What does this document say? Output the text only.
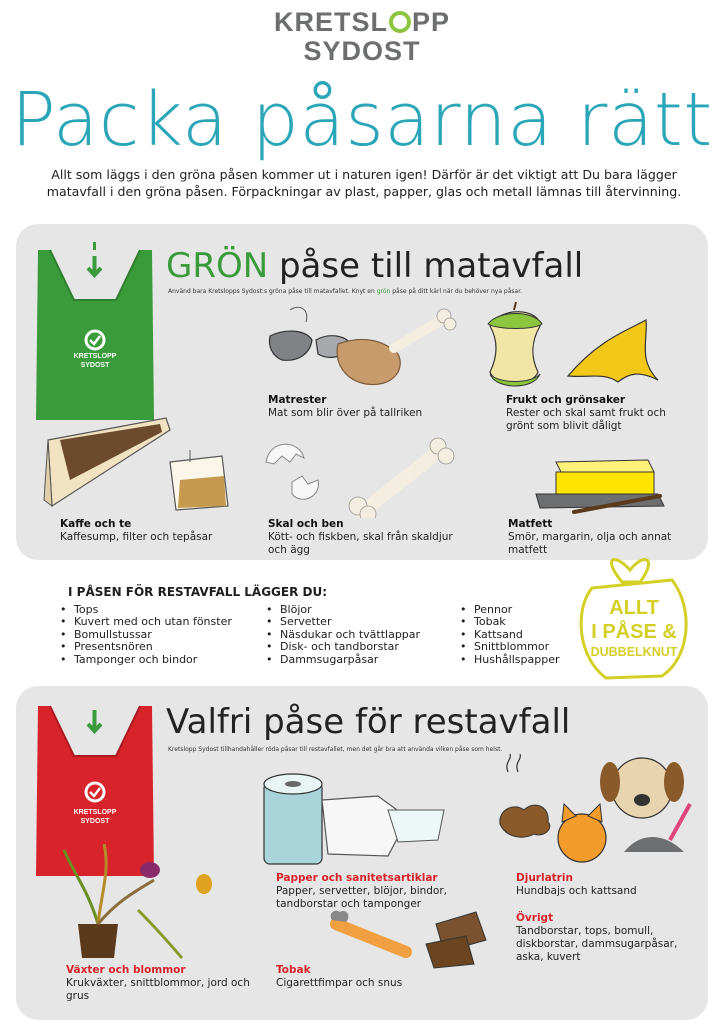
KRETSL PP
SYDOST
Packa påsarna rätt

Allt som läggs i den gröna påsen kommer ut i naturen igen! Därför är det viktigt att Du bara lägger matavfall i den gröna påsen. Förpackningar av plast, papper, glas och metall lämnas till återvinning.

KRETSLOPP
SYDOST
GRÖN påse till matavfall
Använd bara Kretslopps Sydost:s gröna påse till matavfallet. Knyt en grön påse på ditt kärl när du behöver nya påsar.
Matrester
Mat som blir över på tallriken
Frukt och grönsaker
Rester och skal samt frukt och grönt som blivit dåligt
Kaffe och te
Kaffesump, filter och tepåsar
Skal och ben
Kött- och fiskben, skal från skaldjur och ägg
Matfett
Smör, margarin, olja och annat matfett
I PÅSEN FÖR RESTAVFALL LÄGGER DU:
• Tops
• Kuvert med och utan fönster
• Bomullstussar
• Presentsnören
• Tamponger och bindor
• Blöjor
• Servetter
• Näsdukar och tvättlappar
• Disk- och tandborstar
• Dammsugarpåsar
• Pennor
• Tobak
• Kattsand
• Snittblommor
• Hushållspapper
ALLT
I PÅSE &
DUBBELKNUT
KRETSLOPP
SYDOST
Valfri påse för restavfall
Kretslopp Sydost tillhandahåller röda påsar till restavfallet, men det går bra att använda vilken påse som helst.
Papper och sanitetsartiklar
Papper, servetter, blöjor, bindor, tandborstar och tamponger
Djurlatrin
Hundbajs och kattsand
Övrigt
Tandborstar, tops, bomull, diskborstar, dammsugarpåsar, aska, kuvert
Växter och blommor
Krukväxter, snittblommor, jord och grus
Tobak
Cigarettfimpar och snus
